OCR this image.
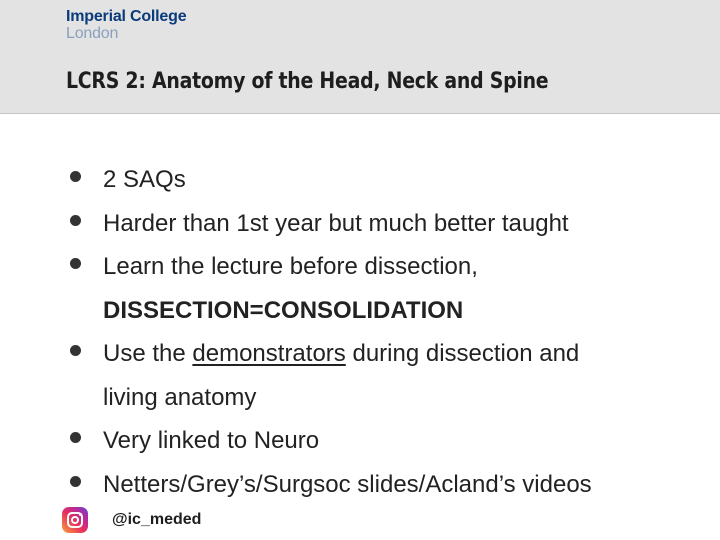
Imperial College
London
LCRS 2: Anatomy of the Head, Neck and Spine
2 SAQs
Harder than 1st year but much better taught
Learn the lecture before dissection,
DISSECTION=CONSOLIDATION
Use the demonstrators during dissection and
living anatomy
Very linked to Neuro
Netters/Grey’s/Surgsoc slides/Acland’s videos
@ic_meded
